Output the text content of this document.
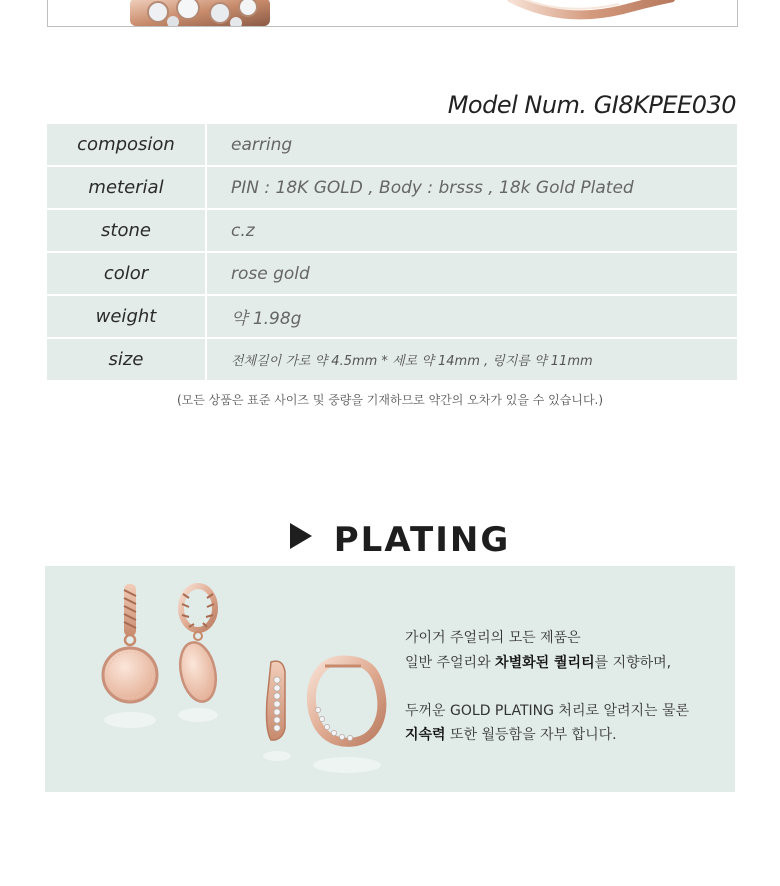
Model Num. GI8KPEE030
composion	earring
meterial	PIN : 18K GOLD , Body : brsss , 18k Gold Plated
stone	c.z
color	rose gold
weight	약 1.98g
size	전체길이 가로 약 4.5mm * 세로 약 14mm , 링지름 약 11mm
(모든 상품은 표준 사이즈 및 중량을 기재하므로 약간의 오차가 있을 수 있습니다.)
PLATING
가이거 주얼리의 모든 제품은
일반 주얼리와 차별화된 퀄리티를 지향하며,
두꺼운 GOLD PLATING 처리로 알려지는 물론
지속력 또한 월등함을 자부 합니다.
